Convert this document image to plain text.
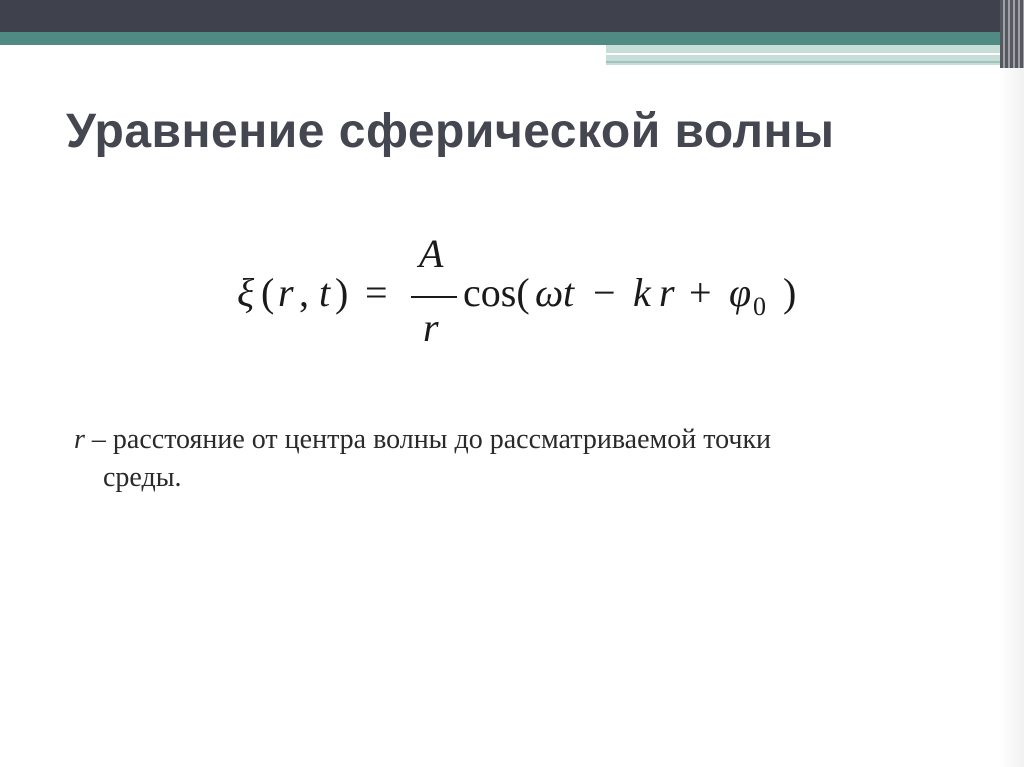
Уравнение сферической волны
ξ ( r , t ) =
A
r
cos( ω t − k r + φ 0 )
r – расстояние от центра волны до рассматриваемой точки
среды.
